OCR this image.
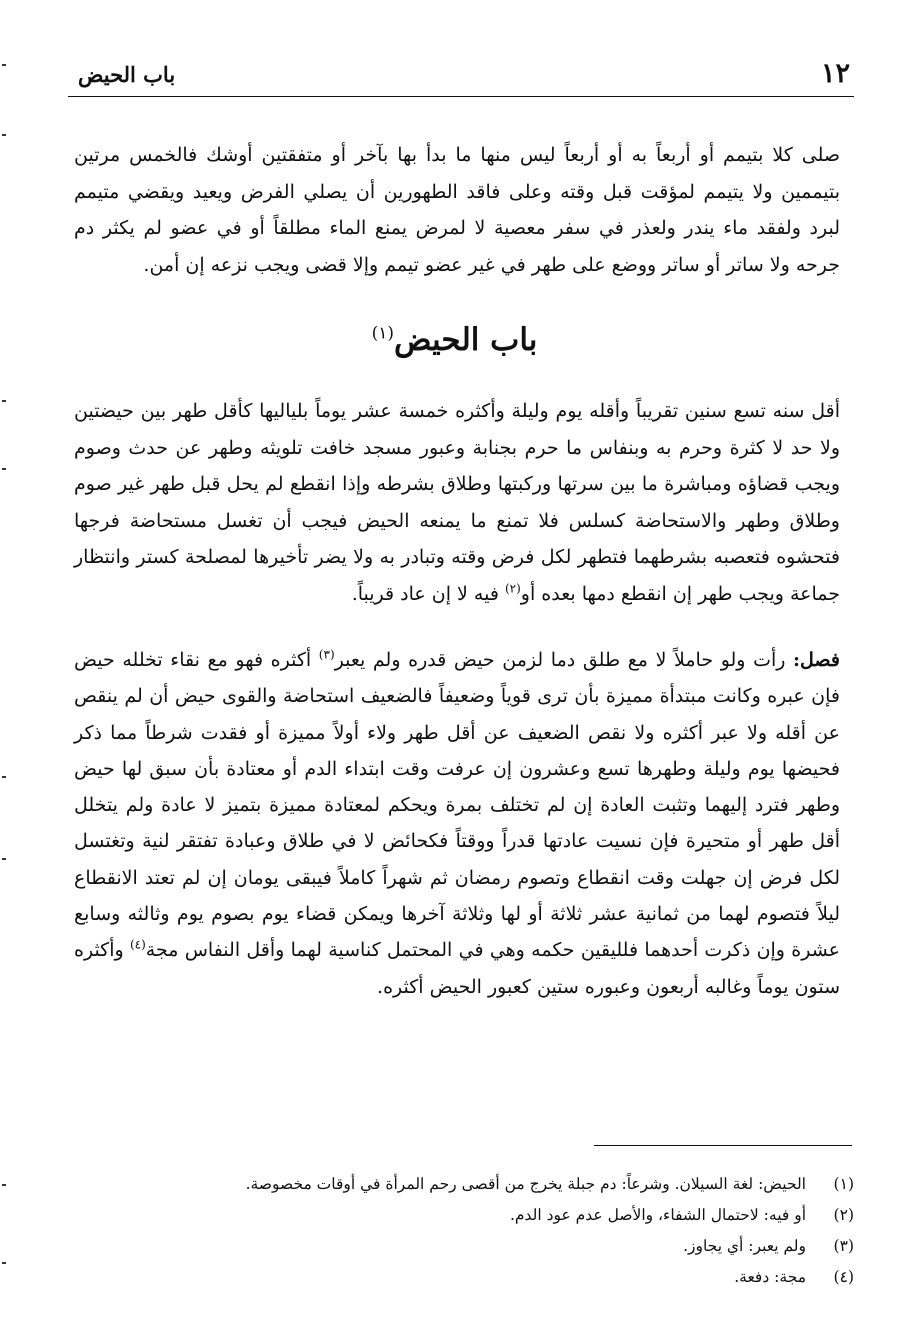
١٢
باب الحيض
صلى كلا بتيمم أو أربعاً به أو أربعاً ليس منها ما بدأ بها بآخر أو متفقتين أوشك فالخمس مرتين بتيممين ولا يتيمم لمؤقت قبل وقته وعلى فاقد الطهورين أن يصلي الفرض ويعيد ويقضي متيمم لبرد ولفقد ماء يندر ولعذر في سفر معصية لا لمرض يمنع الماء مطلقاً أو في عضو لم يكثر دم جرحه ولا ساتر أو ساتر ووضع على طهر في غير عضو تيمم وإلا قضى ويجب نزعه إن أمن.
باب الحيض$^{(١)}$
أقل سنه تسع سنين تقريباً وأقله يوم وليلة وأكثره خمسة عشر يوماً بلياليها كأقل طهر بين حيضتين ولا حد لا كثرة وحرم به وبنفاس ما حرم بجنابة وعبور مسجد خافت تلويثه وطهر عن حدث وصوم ويجب قضاؤه ومباشرة ما بين سرتها وركبتها وطلاق بشرطه وإذا انقطع لم يحل قبل طهر غير صوم وطلاق وطهر والاستحاضة كسلس فلا تمنع ما يمنعه الحيض فيجب أن تغسل مستحاضة فرجها فتحشوه فتعصبه بشرطهما فتطهر لكل فرض وقته وتبادر به ولا يضر تأخيرها لمصلحة كستر وانتظار جماعة ويجب طهر إن انقطع دمها بعده أو$^{(٢)}$ فيه لا إن عاد قريباً.
فصل: رأت ولو حاملاً لا مع طلق دما لزمن حيض قدره ولم يعبر$^{(٣)}$ أكثره فهو مع نقاء تخلله حيض فإن عبره وكانت مبتدأة مميزة بأن ترى قوياً وضعيفاً فالضعيف استحاضة والقوى حيض أن لم ينقص عن أقله ولا عبر أكثره ولا نقص الضعيف عن أقل طهر ولاء أولاً مميزة أو فقدت شرطاً مما ذكر فحيضها يوم وليلة وطهرها تسع وعشرون إن عرفت وقت ابتداء الدم أو معتادة بأن سبق لها حيض وطهر فترد إليهما وتثبت العادة إن لم تختلف بمرة ويحكم لمعتادة مميزة بتميز لا عادة ولم يتخلل أقل طهر أو متحيرة فإن نسيت عادتها قدراً ووقتاً فكحائض لا في طلاق وعبادة تفتقر لنية وتغتسل لكل فرض إن جهلت وقت انقطاع وتصوم رمضان ثم شهراً كاملاً فيبقى يومان إن لم تعتد الانقطاع ليلاً فتصوم لهما من ثمانية عشر ثلاثة أو لها وثلاثة آخرها ويمكن قضاء يوم بصوم يوم وثالثه وسابع عشرة وإن ذكرت أحدهما فلليقين حكمه وهي في المحتمل كناسية لهما وأقل النفاس مجة$^{(٤)}$ وأكثره ستون يوماً وغالبه أربعون وعبوره ستين كعبور الحيض أكثره.
(١)
الحيض: لغة السيلان. وشرعاً: دم جبلة يخرج من أقصى رحم المرأة في أوقات مخصوصة.
(٢)
أو فيه: لاحتمال الشفاء، والأصل عدم عود الدم.
(٣)
ولم يعبر: أي يجاوز.
(٤)
مجة: دفعة.
